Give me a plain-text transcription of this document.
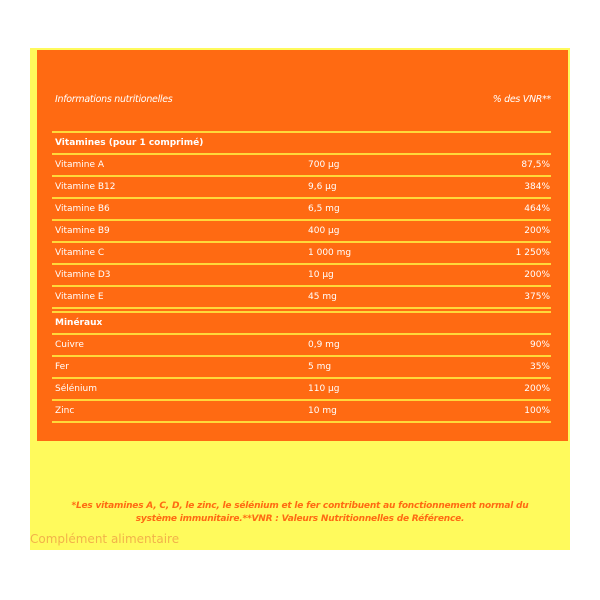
Informations nutritionelles	% des VNR**
Vitamines (pour 1 comprimé)
Vitamine A	700 µg	87,5%
Vitamine B12	9,6 µg	384%
Vitamine B6	6,5 mg	464%
Vitamine B9	400 µg	200%
Vitamine C	1 000 mg	1 250%
Vitamine D3	10 µg	200%
Vitamine E	45 mg	375%
Minéraux
Cuivre	0,9 mg	90%
Fer	5 mg	35%
Sélénium	110 µg	200%
Zinc	10 mg	100%
*Les vitamines A, C, D, le zinc, le sélénium et le fer contribuent au fonctionnement normal du
système immunitaire.**VNR : Valeurs Nutritionnelles de Référence.
Complément alimentaire
